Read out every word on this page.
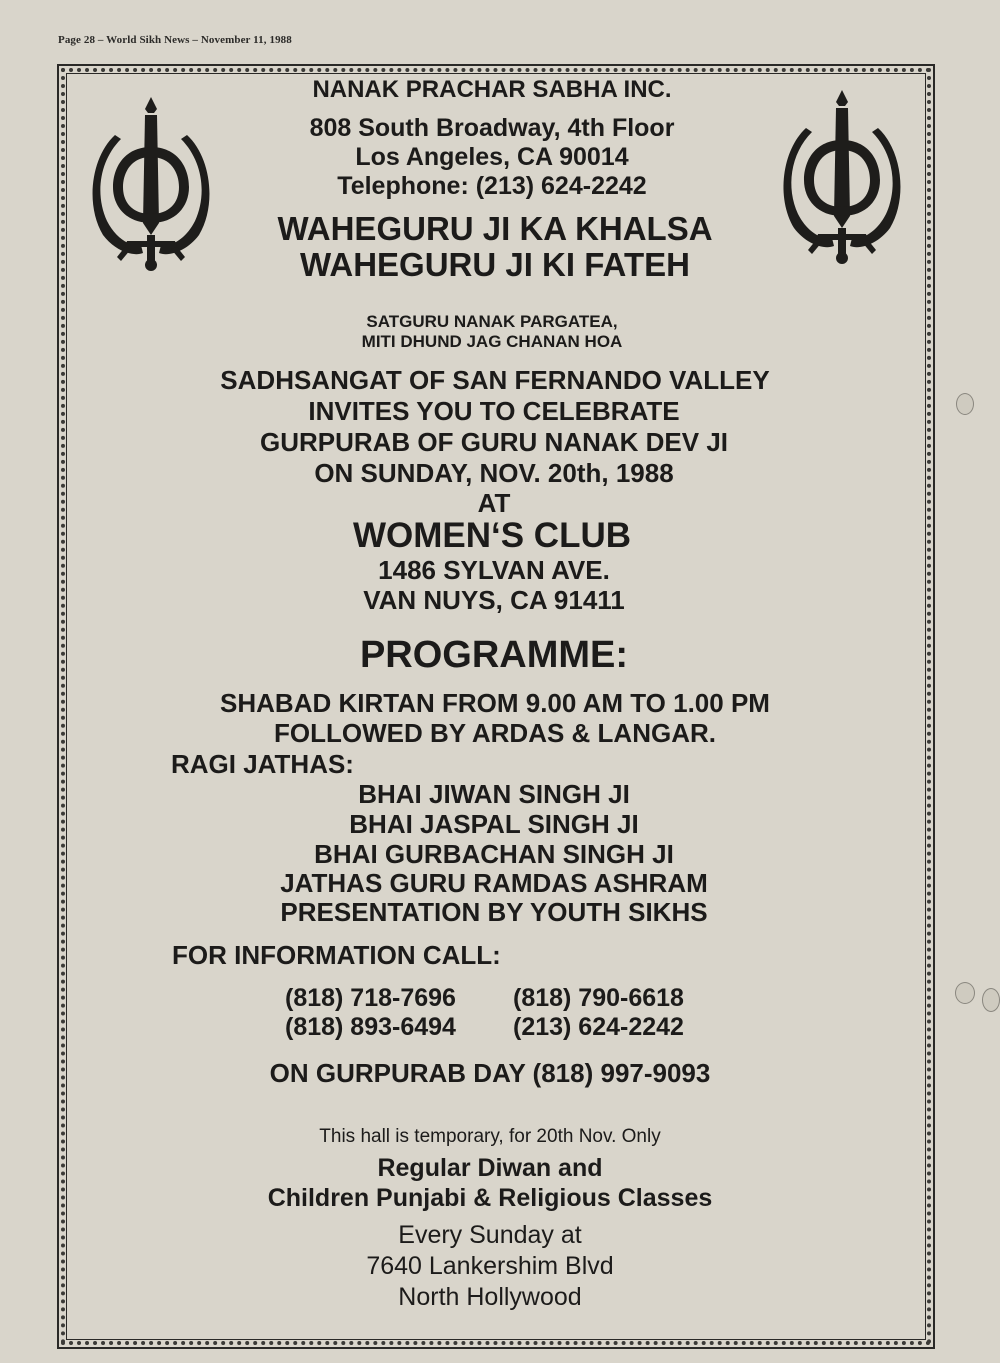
Page 28 – World Sikh News – November 11, 1988
NANAK PRACHAR SABHA INC.
808 South Broadway, 4th Floor
Los Angeles, CA 90014
Telephone: (213) 624-2242
WAHEGURU JI KA KHALSA
WAHEGURU JI KI FATEH
SATGURU NANAK PARGATEA,
MITI DHUND JAG CHANAN HOA
SADHSANGAT OF SAN FERNANDO VALLEY
INVITES YOU TO CELEBRATE
GURPURAB OF GURU NANAK DEV JI
ON SUNDAY, NOV. 20th, 1988
AT
WOMEN‘S CLUB
1486 SYLVAN AVE.
VAN NUYS, CA 91411
PROGRAMME:
SHABAD KIRTAN FROM 9.00 AM TO 1.00 PM
FOLLOWED BY ARDAS & LANGAR.
RAGI JATHAS:
BHAI JIWAN SINGH JI
BHAI JASPAL SINGH JI
BHAI GURBACHAN SINGH JI
JATHAS GURU RAMDAS ASHRAM
PRESENTATION BY YOUTH SIKHS
FOR INFORMATION CALL:
(818) 718-7696 (818) 790-6618
(818) 893-6494 (213) 624-2242
ON GURPURAB DAY (818) 997-9093
This hall is temporary, for 20th Nov. Only
Regular Diwan and
Children Punjabi & Religious Classes
Every Sunday at
7640 Lankershim Blvd
North Hollywood
